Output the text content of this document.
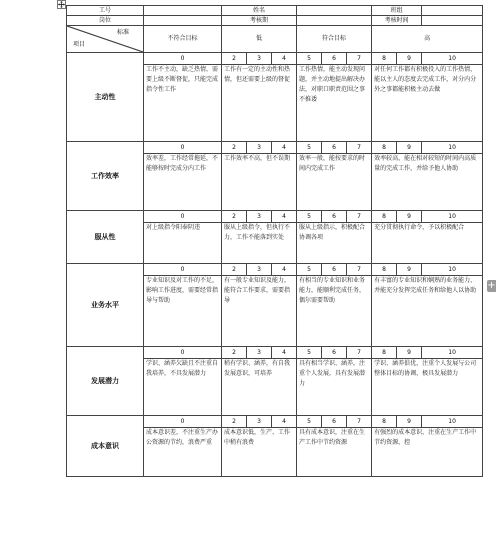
+
工号		姓名						班组		
岗位		考核期						考核时间		

标准
项目	不符合目标	低			符合目标			高		
主动性	0	2	3	4	5	6	7	8	9	10
	工作不主动，缺乏热情，需要上级不断督促，只能完成指令性工作	工作有一定的主动性和热情，但还需要上级的督促			工作热情，能主动发现问题，并主动地提出解决办法，对职口职责范围之事不推诿			对任何工作都有积极投入的工作热情，能以主人的态度去完成工作，对分内分外之事都能积极主动去做		
工作效率	0	2	3	4	5	6	7	8	9	10
	效率差，工作经常拖延，不能够按时完成分内工作	工作效率不高，但不误期			效率一般，能按要求的时间内完成工作			效率较高，能在相对较短的时间内高质量的完成工作，并给予他人协助		
服从性	0	2	3	4	5	6	7	8	9	10
	对上级指令阳奉阴违	服从上级指令，但执行不力，工作不能落到实处			服从上级指示，积极配合协调各项			充分贯彻执行命令，予以积极配合		
业务水平	0	2	3	4	5	6	7	8	9	10
	专业知识及对工作的不足，影响工作进度，需要经常指导与帮助	有一般专业知识及能力，能符合工作要求，需要指导			有相当的专业知识和业务能力，能顺利完成任务，偶尔需要帮助			有丰富的专业知识和娴熟的业务能力，并能充分发挥完成任务和给他人以协助		
发展潜力	0	2	3	4	5	6	7	8	9	10
	学识、涵养欠缺且不注重自我培养，不具发展潜力	稍有学识、涵养，有自我发展意识，可培养			具有相当学识、涵养，注重个人发展，具有发展潜力			学识、涵养俱优，注重个人发展与公司整体目标的协调，极具发展潜力		
成本意识	0	2	3	4	5	6	7	8	9	10
	成本意识差，不注重生产办公资源的节约，浪费严重	成本意识低，生产、工作中稍有浪费			具有成本意识，注重在生产工作中节约资源			有强烈的成本意识，注重在生产工作中节约资源，控		
